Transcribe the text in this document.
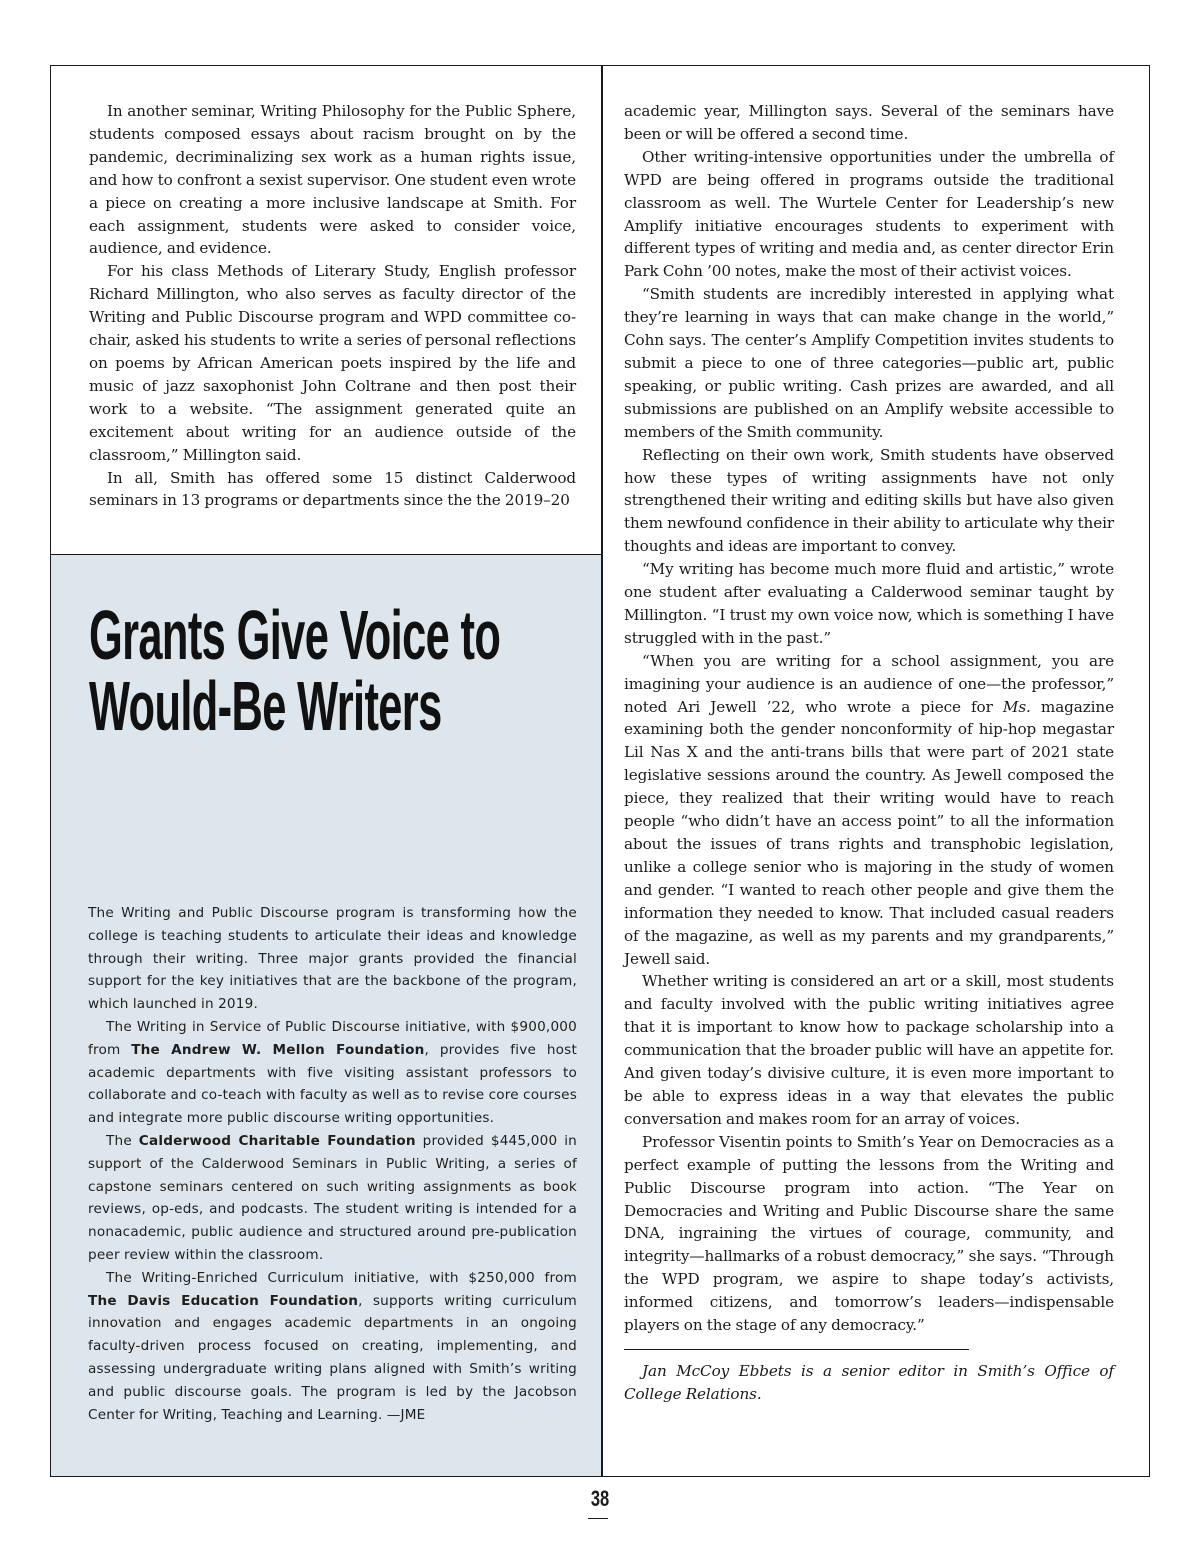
In another seminar, Writing Philosophy for the Public Sphere, students composed essays about racism brought on by the pandemic, decriminalizing sex work as a human rights issue, and how to confront a sexist supervisor. One student even wrote a piece on creating a more inclusive landscape at Smith. For each assignment, students were asked to consider voice, audience, and evidence.

For his class Methods of Literary Study, English professor Richard Millington, who also serves as faculty director of the Writing and Public Discourse program and WPD committee co-chair, asked his students to write a series of personal reflections on poems by African American poets inspired by the life and music of jazz saxophonist John Coltrane and then post their work to a website. “The assignment generated quite an excitement about writing for an audience outside of the classroom,” Millington said.

In all, Smith has offered some 15 distinct Calderwood seminars in 13 programs or departments since the the 2019–20

Grants Give Voice to
Would-Be Writers

The Writing and Public Discourse program is transforming how the college is teaching students to articulate their ideas and knowledge through their writing. Three major grants provided the financial support for the key initiatives that are the backbone of the program, which launched in 2019.

The Writing in Service of Public Discourse initiative, with $900,000 from The Andrew W. Mellon Foundation, provides five host academic departments with five visiting assistant professors to collaborate and co-teach with faculty as well as to revise core courses and integrate more public discourse writing opportunities.

The Calderwood Charitable Foundation provided $445,000 in support of the Calderwood Seminars in Public Writing, a series of capstone seminars centered on such writing assignments as book reviews, op-eds, and podcasts. The student writing is intended for a nonacademic, public audience and structured around pre-publication peer review within the classroom.

The Writing-Enriched Curriculum initiative, with $250,000 from The Davis Education Foundation, supports writing curriculum innovation and engages academic departments in an ongoing faculty-driven process focused on creating, implementing, and assessing undergraduate writing plans aligned with Smith’s writing and public discourse goals. The program is led by the Jacobson Center for Writing, Teaching and Learning. —JME

academic year, Millington says. Several of the seminars have been or will be offered a second time.

Other writing-intensive opportunities under the umbrella of WPD are being offered in programs outside the traditional classroom as well. The Wurtele Center for Leadership’s new Amplify initiative encourages students to experiment with different types of writing and media and, as center director Erin Park Cohn ’00 notes, make the most of their activist voices.

“Smith students are incredibly interested in applying what they’re learning in ways that can make change in the world,” Cohn says. The center’s Amplify Competition invites students to submit a piece to one of three categories—public art, public speaking, or public writing. Cash prizes are awarded, and all submissions are published on an Amplify website accessible to members of the Smith community.

Reflecting on their own work, Smith students have observed how these types of writing assignments have not only strengthened their writing and editing skills but have also given them newfound confidence in their ability to articulate why their thoughts and ideas are important to convey.

“My writing has become much more fluid and artistic,” wrote one student after evaluating a Calderwood seminar taught by Millington. “I trust my own voice now, which is something I have struggled with in the past.”

“When you are writing for a school assignment, you are imagining your audience is an audience of one—the professor,” noted Ari Jewell ’22, who wrote a piece for Ms. magazine examining both the gender nonconformity of hip-hop megastar Lil Nas X and the anti-trans bills that were part of 2021 state legislative sessions around the country. As Jewell composed the piece, they realized that their writing would have to reach people “who didn’t have an access point” to all the information about the issues of trans rights and transphobic legislation, unlike a college senior who is majoring in the study of women and gender. “I wanted to reach other people and give them the information they needed to know. That included casual readers of the magazine, as well as my parents and my grandparents,” Jewell said.

Whether writing is considered an art or a skill, most students and faculty involved with the public writing initiatives agree that it is important to know how to package scholarship into a communication that the broader public will have an appetite for. And given today’s divisive culture, it is even more important to be able to express ideas in a way that elevates the public conversation and makes room for an array of voices.

Professor Visentin points to Smith’s Year on Democracies as a perfect example of putting the lessons from the Writing and Public Discourse program into action. “The Year on Democracies and Writing and Public Discourse share the same DNA, ingraining the virtues of courage, community, and integrity—hallmarks of a robust democracy,” she says. “Through the WPD program, we aspire to shape today’s activists, informed citizens, and tomorrow’s leaders—indispensable players on the stage of any democracy.”

Jan McCoy Ebbets is a senior editor in Smith’s Office of College Relations.

38
